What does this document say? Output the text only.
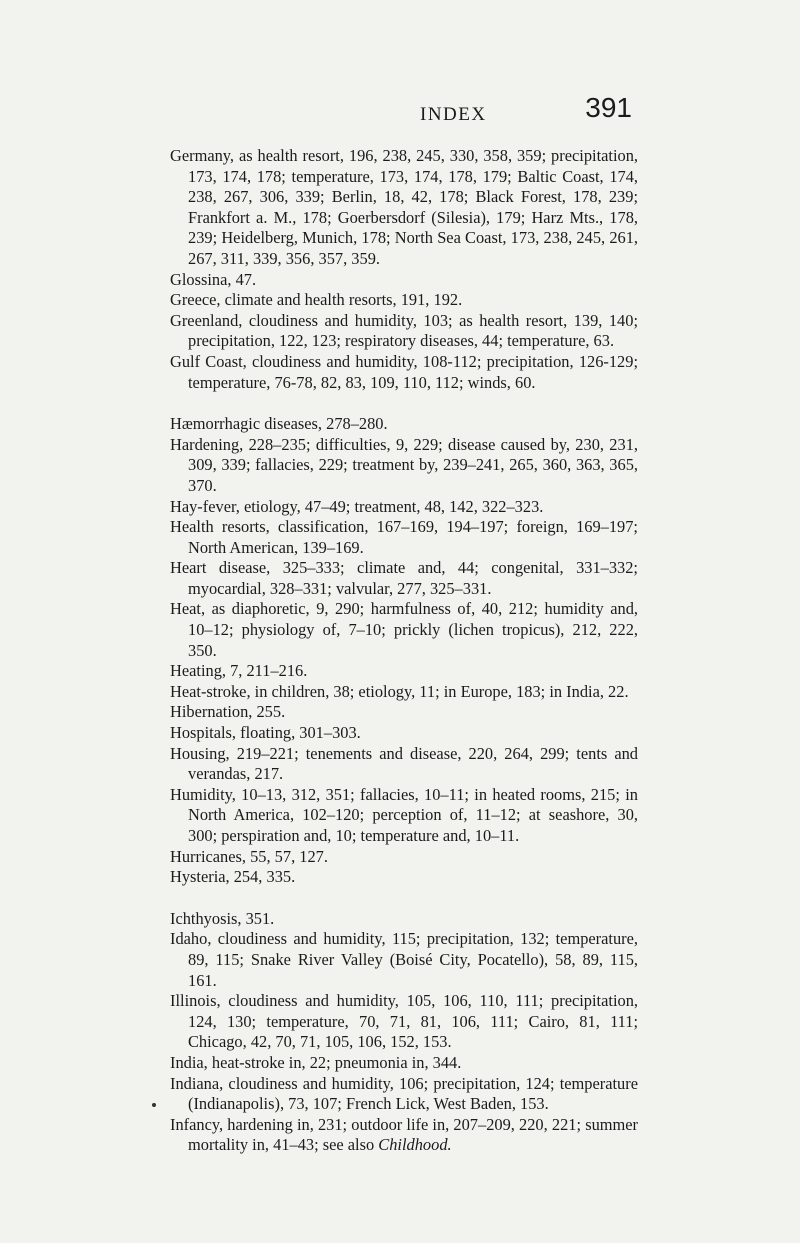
INDEX	391

Germany, as health resort, 196, 238, 245, 330, 358, 359; precipitation, 173, 174, 178; temperature, 173, 174, 178, 179; Baltic Coast, 174, 238, 267, 306, 339; Berlin, 18, 42, 178; Black Forest, 178, 239; Frankfort a. M., 178; Goerbersdorf (Silesia), 179; Harz Mts., 178, 239; Heidelberg, Munich, 178; North Sea Coast, 173, 238, 245, 261, 267, 311, 339, 356, 357, 359.

Glossina, 47.

Greece, climate and health resorts, 191, 192.

Greenland, cloudiness and humidity, 103; as health resort, 139, 140; precipitation, 122, 123; respiratory diseases, 44; temperature, 63.

Gulf Coast, cloudiness and humidity, 108-112; precipitation, 126-129; temperature, 76-78, 82, 83, 109, 110, 112; winds, 60.

Hæmorrhagic diseases, 278–280.

Hardening, 228–235; difficulties, 9, 229; disease caused by, 230, 231, 309, 339; fallacies, 229; treatment by, 239–241, 265, 360, 363, 365, 370.

Hay-fever, etiology, 47–49; treatment, 48, 142, 322–323.

Health resorts, classification, 167–169, 194–197; foreign, 169–197; North American, 139–169.

Heart disease, 325–333; climate and, 44; congenital, 331–332; myocardial, 328–331; valvular, 277, 325–331.

Heat, as diaphoretic, 9, 290; harmfulness of, 40, 212; humidity and, 10–12; physiology of, 7–10; prickly (lichen tropicus), 212, 222, 350.

Heating, 7, 211–216.

Heat-stroke, in children, 38; etiology, 11; in Europe, 183; in India, 22.

Hibernation, 255.

Hospitals, floating, 301–303.

Housing, 219–221; tenements and disease, 220, 264, 299; tents and verandas, 217.

Humidity, 10–13, 312, 351; fallacies, 10–11; in heated rooms, 215; in North America, 102–120; perception of, 11–12; at seashore, 30, 300; perspiration and, 10; temperature and, 10–11.

Hurricanes, 55, 57, 127.

Hysteria, 254, 335.

Ichthyosis, 351.

Idaho, cloudiness and humidity, 115; precipitation, 132; temperature, 89, 115; Snake River Valley (Boisé City, Pocatello), 58, 89, 115, 161.

Illinois, cloudiness and humidity, 105, 106, 110, 111; precipitation, 124, 130; temperature, 70, 71, 81, 106, 111; Cairo, 81, 111; Chicago, 42, 70, 71, 105, 106, 152, 153.

India, heat-stroke in, 22; pneumonia in, 344.

Indiana, cloudiness and humidity, 106; precipitation, 124; temperature (Indianapolis), 73, 107; French Lick, West Baden, 153.

Infancy, hardening in, 231; outdoor life in, 207–209, 220, 221; summer mortality in, 41–43; see also Childhood.
